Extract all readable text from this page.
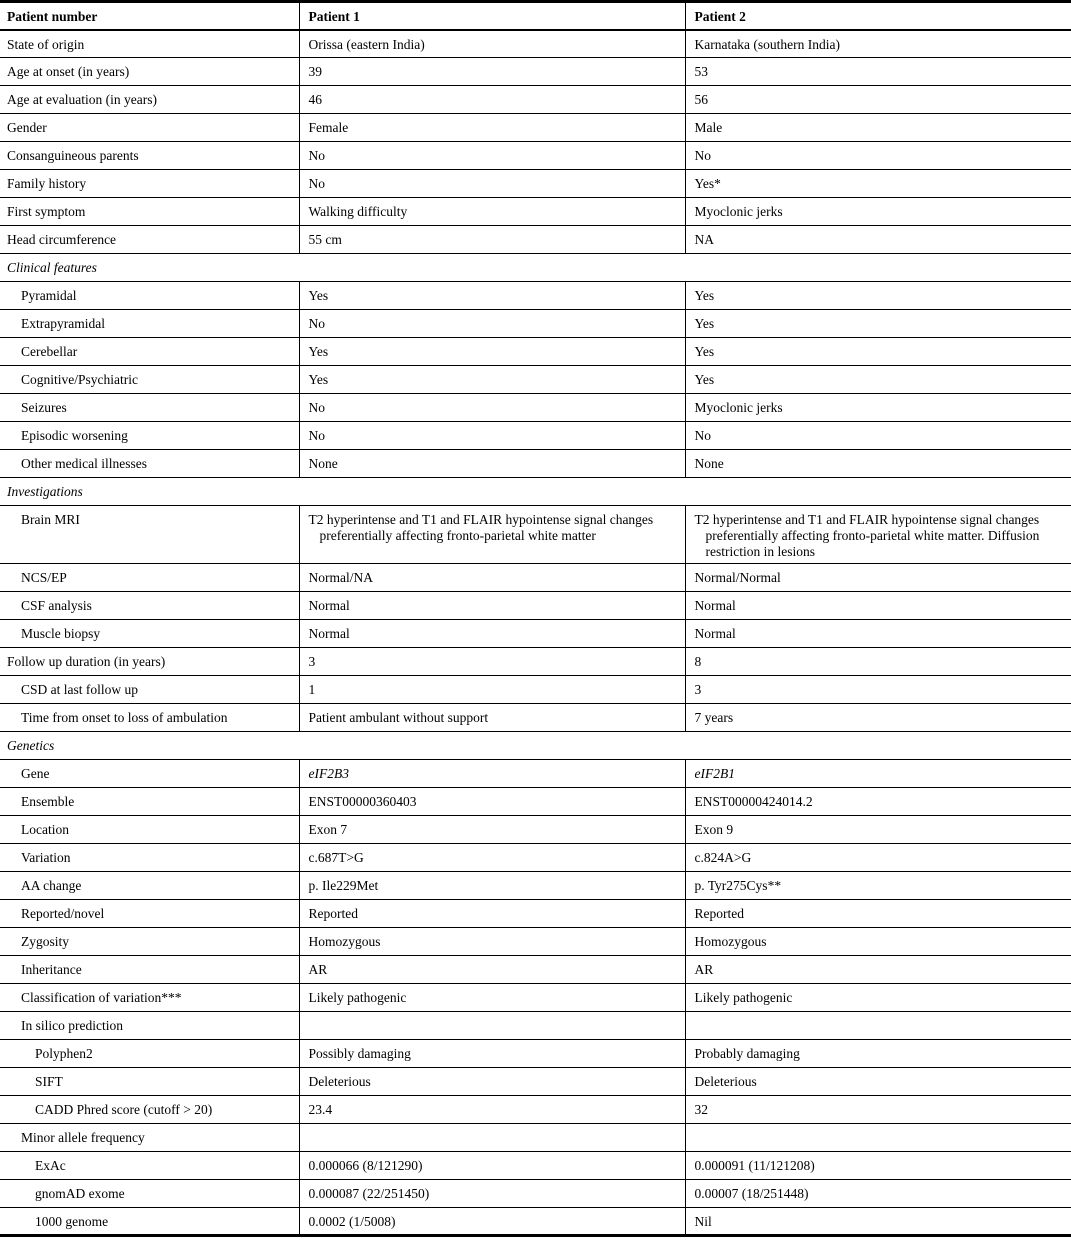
Patient number	Patient 1	Patient 2
State of origin	Orissa (eastern India)	Karnataka (southern India)
Age at onset (in years)	39	53
Age at evaluation (in years)	46	56
Gender	Female	Male
Consanguineous parents	No	No
Family history	No	Yes*
First symptom	Walking difficulty	Myoclonic jerks
Head circumference	55 cm	NA
Clinical features		
Pyramidal	Yes	Yes
Extrapyramidal	No	Yes
Cerebellar	Yes	Yes
Cognitive/Psychiatric	Yes	Yes
Seizures	No	Myoclonic jerks
Episodic worsening	No	No
Other medical illnesses	None	None
Investigations		
Brain MRI	T2 hyperintense and T1 and FLAIR hypointense signal changes preferentially affecting fronto-parietal white matter	T2 hyperintense and T1 and FLAIR hypointense signal changes preferentially affecting fronto-parietal white matter. Diffusion restriction in lesions
NCS/EP	Normal/NA	Normal/Normal
CSF analysis	Normal	Normal
Muscle biopsy	Normal	Normal
Follow up duration (in years)	3	8
CSD at last follow up	1	3
Time from onset to loss of ambulation	Patient ambulant without support	7 years
Genetics		
Gene	eIF2B3	eIF2B1
Ensemble	ENST00000360403	ENST00000424014.2
Location	Exon 7	Exon 9
Variation	c.687T>G	c.824A>G
AA change	p. Ile229Met	p. Tyr275Cys**
Reported/novel	Reported	Reported
Zygosity	Homozygous	Homozygous
Inheritance	AR	AR
Classification of variation***	Likely pathogenic	Likely pathogenic
In silico prediction		
Polyphen2	Possibly damaging	Probably damaging
SIFT	Deleterious	Deleterious
CADD Phred score (cutoff > 20)	23.4	32
Minor allele frequency		
ExAc	0.000066 (8/121290)	0.000091 (11/121208)
gnomAD exome	0.000087 (22/251450)	0.00007 (18/251448)
1000 genome	0.0002 (1/5008)	Nil
